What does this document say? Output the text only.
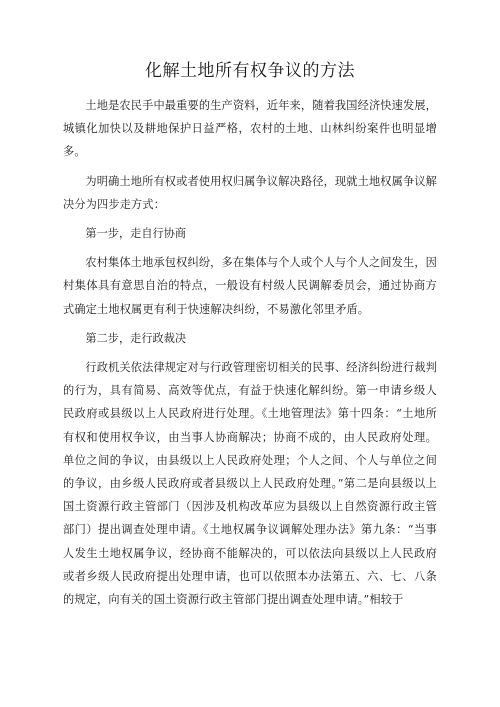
化解土地所有权争议的方法

土地是农民手中最重要的生产资料，近年来，随着我国经济快速发展，城镇化加快以及耕地保护日益严格，农村的土地、山林纠纷案件也明显增多。

为明确土地所有权或者使用权归属争议解决路径，现就土地权属争议解决分为四步走方式：

第一步，走自行协商

农村集体土地承包权纠纷，多在集体与个人或个人与个人之间发生，因村集体具有意思自治的特点，一般设有村级人民调解委员会，通过协商方式确定土地权属更有利于快速解决纠纷，不易激化邻里矛盾。

第二步，走行政裁决

行政机关依法律规定对与行政管理密切相关的民事、经济纠纷进行裁判的行为，具有简易、高效等优点，有益于快速化解纠纷。第一申请乡级人民政府或县级以上人民政府进行处理。《土地管理法》第十四条：“土地所有权和使用权争议，由当事人协商解决；协商不成的，由人民政府处理。单位之间的争议，由县级以上人民政府处理；个人之间、个人与单位之间的争议，由乡级人民政府或者县级以上人民政府处理。”第二是向县级以上国土资源行政主管部门（因涉及机构改革应为县级以上自然资源行政主管部门）提出调查处理申请。《土地权属争议调解处理办法》第九条：“当事人发生土地权属争议，经协商不能解决的，可以依法向县级以上人民政府或者乡级人民政府提出处理申请，也可以依照本办法第五、六、七、八条的规定，向有关的国土资源行政主管部门提出调查处理申请。”相较于
